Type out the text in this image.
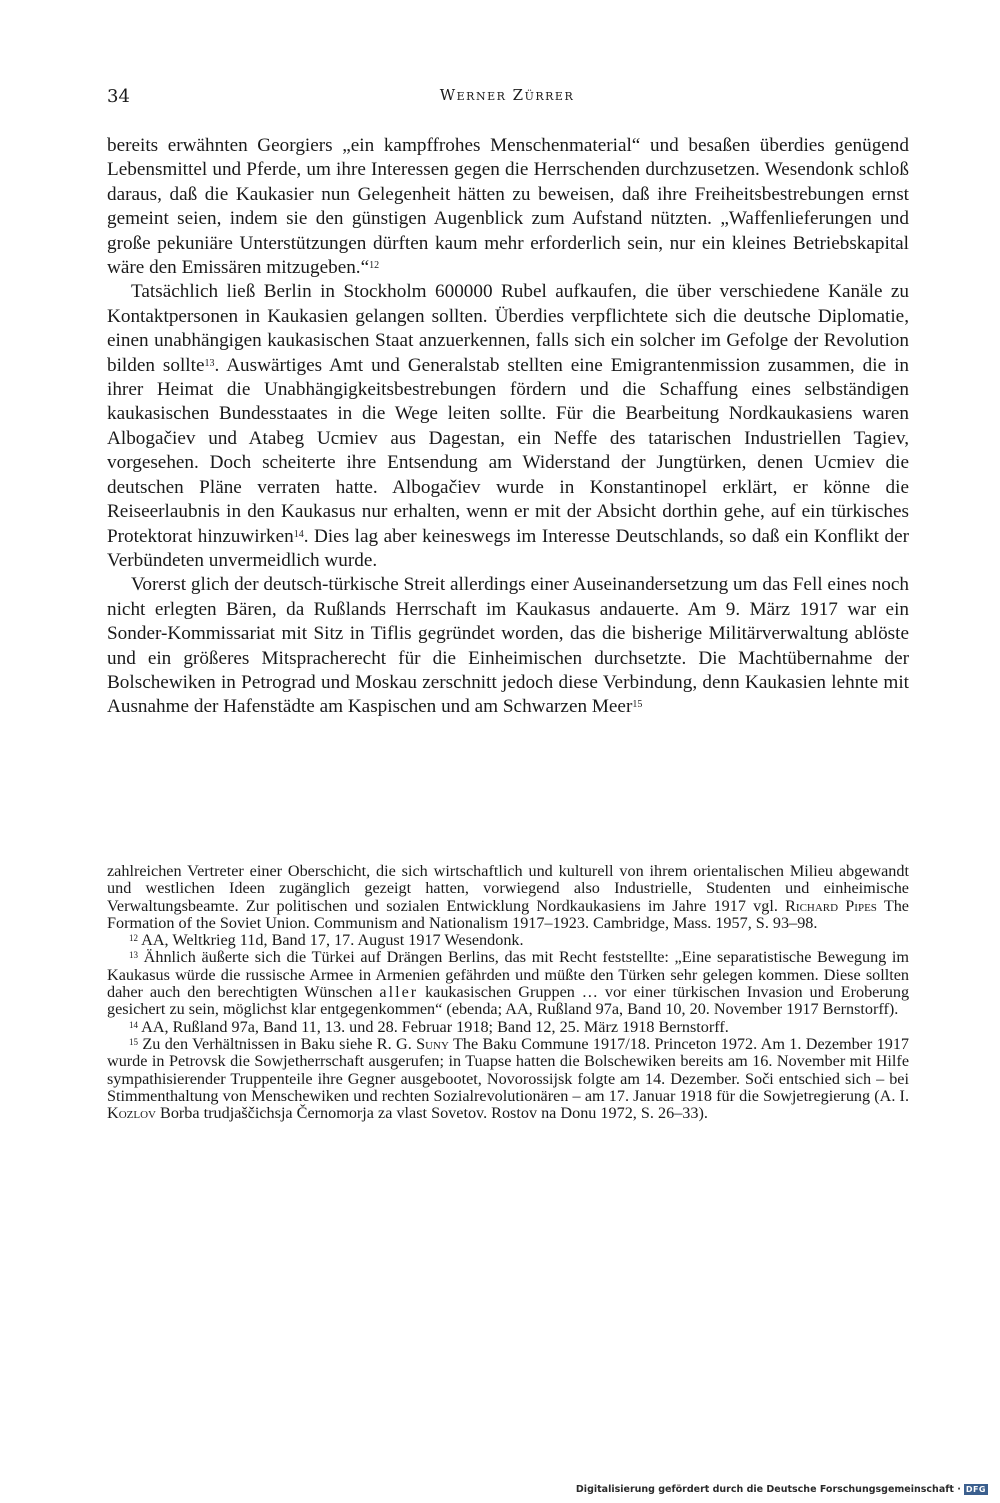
34	Werner Zürrer

bereits erwähnten Georgiers „ein kampffrohes Menschenmaterial“ und besaßen überdies genügend Lebensmittel und Pferde, um ihre Interessen gegen die Herrschenden durchzusetzen. Wesendonk schloß daraus, daß die Kaukasier nun Gelegenheit hätten zu beweisen, daß ihre Freiheitsbestrebungen ernst gemeint seien, indem sie den günstigen Augenblick zum Aufstand nützten. „Waffenlieferungen und große pekuniäre Unterstützungen dürften kaum mehr erforderlich sein, nur ein kleines Betriebskapital wäre den Emissären mitzugeben.“$^{12}$

Tatsächlich ließ Berlin in Stockholm 600000 Rubel aufkaufen, die über verschiedene Kanäle zu Kontaktpersonen in Kaukasien gelangen sollten. Überdies verpflichtete sich die deutsche Diplomatie, einen unabhängigen kaukasischen Staat anzuerkennen, falls sich ein solcher im Gefolge der Revolution bilden sollte$^{13}$. Auswärtiges Amt und Generalstab stellten eine Emigrantenmission zusammen, die in ihrer Heimat die Unabhängigkeitsbestrebungen fördern und die Schaffung eines selbständigen kaukasischen Bundesstaates in die Wege leiten sollte. Für die Bearbeitung Nordkaukasiens waren Albogačiev und Atabeg Ucmiev aus Dagestan, ein Neffe des tatarischen Industriellen Tagiev, vorgesehen. Doch scheiterte ihre Entsendung am Widerstand der Jungtürken, denen Ucmiev die deutschen Pläne verraten hatte. Albogačiev wurde in Konstantinopel erklärt, er könne die Reiseerlaubnis in den Kaukasus nur erhalten, wenn er mit der Absicht dorthin gehe, auf ein türkisches Protektorat hinzuwirken$^{14}$. Dies lag aber keineswegs im Interesse Deutschlands, so daß ein Konflikt der Verbündeten unvermeidlich wurde.

Vorerst glich der deutsch-türkische Streit allerdings einer Auseinandersetzung um das Fell eines noch nicht erlegten Bären, da Rußlands Herrschaft im Kaukasus andauerte. Am 9. März 1917 war ein Sonder-Kommissariat mit Sitz in Tiflis gegründet worden, das die bisherige Militärverwaltung ablöste und ein größeres Mitspracherecht für die Einheimischen durchsetzte. Die Machtübernahme der Bolschewiken in Petrograd und Moskau zerschnitt jedoch diese Verbindung, denn Kaukasien lehnte mit Ausnahme der Hafenstädte am Kaspischen und am Schwarzen Meer$^{15}$

zahlreichen Vertreter einer Oberschicht, die sich wirtschaftlich und kulturell von ihrem orientalischen Milieu abgewandt und westlichen Ideen zugänglich gezeigt hatten, vorwiegend also Industrielle, Studenten und einheimische Verwaltungsbeamte. Zur politischen und sozialen Entwicklung Nordkaukasiens im Jahre 1917 vgl. Richard Pipes The Formation of the Soviet Union. Communism and Nationalism 1917–1923. Cambridge, Mass. 1957, S. 93–98.

$^{12}$ AA, Weltkrieg 11d, Band 17, 17. August 1917 Wesendonk.

$^{13}$ Ähnlich äußerte sich die Türkei auf Drängen Berlins, das mit Recht feststellte: „Eine separatistische Bewegung im Kaukasus würde die russische Armee in Armenien gefährden und müßte den Türken sehr gelegen kommen. Diese sollten daher auch den berechtigten Wünschen aller kaukasischen Gruppen … vor einer türkischen Invasion und Eroberung gesichert zu sein, möglichst klar entgegenkommen“ (ebenda; AA, Rußland 97a, Band 10, 20. November 1917 Bernstorff).

$^{14}$ AA, Rußland 97a, Band 11, 13. und 28. Februar 1918; Band 12, 25. März 1918 Bernstorff.

$^{15}$ Zu den Verhältnissen in Baku siehe R. G. Suny The Baku Commune 1917/18. Princeton 1972. Am 1. Dezember 1917 wurde in Petrovsk die Sowjetherrschaft ausgerufen; in Tuapse hatten die Bolschewiken bereits am 16. November mit Hilfe sympathisierender Truppenteile ihre Gegner ausgebootet, Novorossijsk folgte am 14. Dezember. Soči entschied sich – bei Stimmenthaltung von Menschewiken und rechten Sozialrevolutionären – am 17. Januar 1918 für die Sowjetregierung (A. I. Kozlov Borba trudjaščichsja Černomorja za vlast Sovetov. Rostov na Donu 1972, S. 26–33).

Digitalisierung gefördert durch die Deutsche Forschungsgemeinschaft · DFG
